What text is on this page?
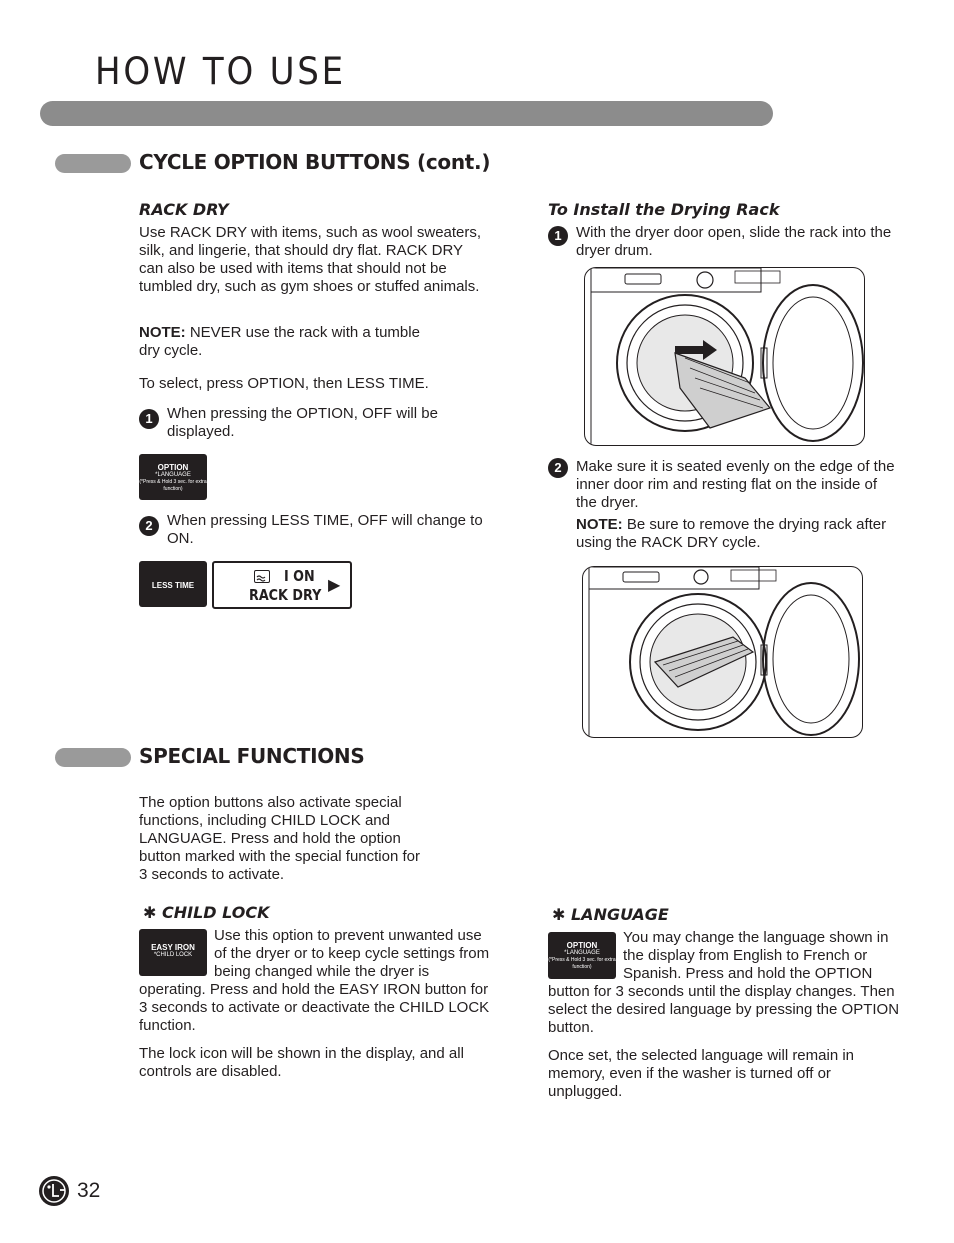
HOW TO USE
CYCLE OPTION BUTTONS (cont.)
RACK DRY
Use RACK DRY with items, such as wool sweaters, silk, and lingerie, that should dry flat. RACK DRY can also be used with items that should not be tumbled dry, such as gym shoes or stuffed animals.
NOTE: NEVER use the rack with a tumble dry cycle.
To select, press OPTION, then LESS TIME.
1 When pressing the OPTION, OFF will be displayed.
OPTION
*LANGUAGE
(*Press & Hold 3 sec. for extra function)
2 When pressing LESS TIME, OFF will change to ON.
LESS TIME
I ON
RACK DRY
▶
To Install the Drying Rack
1 With the dryer door open, slide the rack into the dryer drum.
2 Make sure it is seated evenly on the edge of the inner door rim and resting flat on the inside of the dryer.
NOTE: Be sure to remove the drying rack after using the RACK DRY cycle.
SPECIAL FUNCTIONS
The option buttons also activate special functions, including CHILD LOCK and LANGUAGE. Press and hold the option button marked with the special function for 3 seconds to activate.
✱ CHILD LOCK
EASY IRON
*CHILD LOCK
Use this option to prevent unwanted use of the dryer or to keep cycle settings from being changed while the dryer is operating. Press and hold the EASY IRON button for 3 seconds to activate or deactivate the CHILD LOCK function.
The lock icon will be shown in the display, and all controls are disabled.
✱ LANGUAGE
OPTION
*LANGUAGE
(*Press & Hold 3 sec. for extra function)
You may change the language shown in the display from English to French or Spanish. Press and hold the OPTION button for 3 seconds until the display changes. Then select the desired language by pressing the OPTION button.
Once set, the selected language will remain in memory, even if the washer is turned off or unplugged.
32
